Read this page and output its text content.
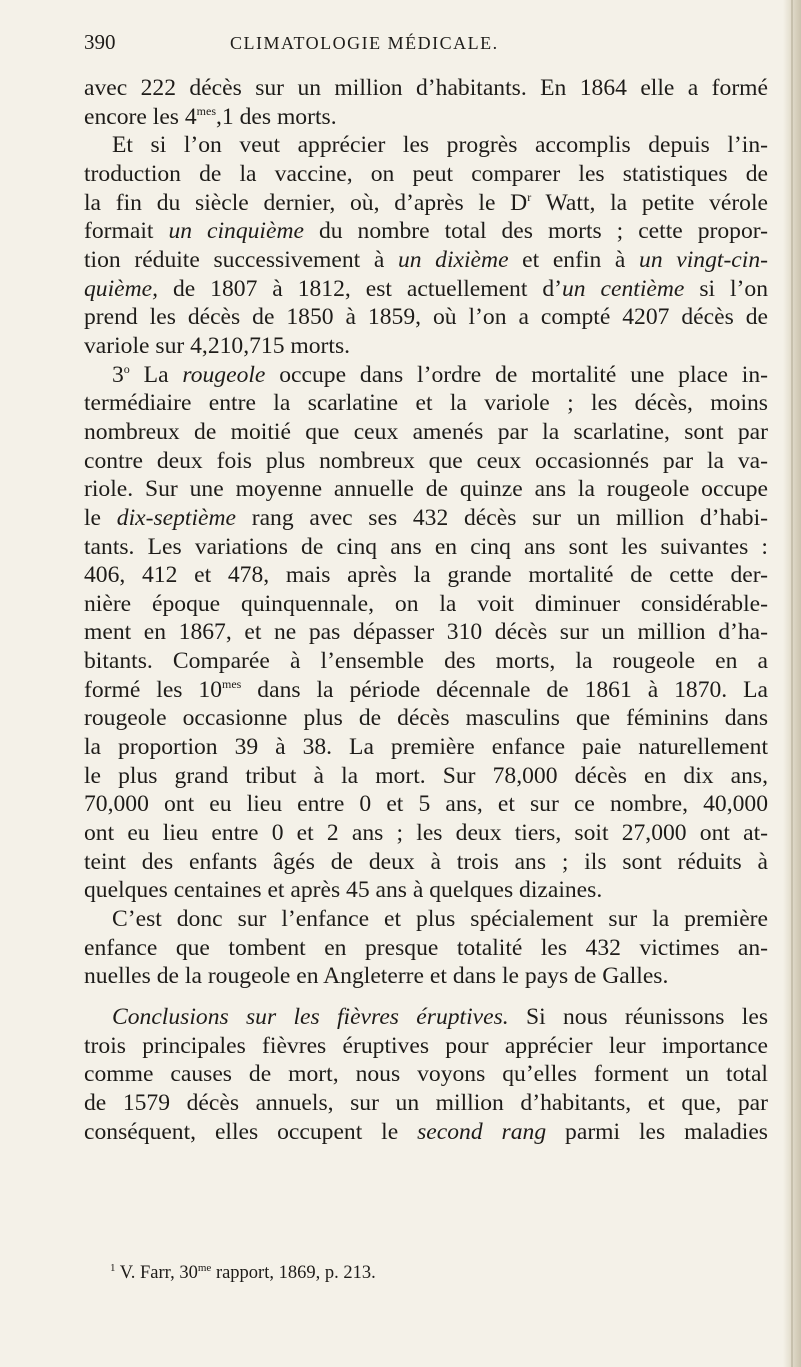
390	CLIMATOLOGIE MÉDICALE.
avec 222 décès sur un million d’habitants. En 1864 elle a formé
encore les $4^{mes},1$ des morts.
Et si l’on veut apprécier les progrès accomplis depuis l’in-
troduction de la vaccine, on peut comparer les statistiques de
la fin du siècle dernier, où, d’après le $D^r$ Watt, la petite vérole
formait un cinquième du nombre total des morts ; cette propor-
tion réduite successivement à un dixième et enfin à un vingt-cin-
quième, de 1807 à 1812, est actuellement d’un centième si l’on
prend les décès de 1850 à 1859, où l’on a compté 4207 décès de
variole sur 4,210,715 morts.
3$^o$ La rougeole occupe dans l’ordre de mortalité une place in-
termédiaire entre la scarlatine et la variole ; les décès, moins
nombreux de moitié que ceux amenés par la scarlatine, sont par
contre deux fois plus nombreux que ceux occasionnés par la va-
riole. Sur une moyenne annuelle de quinze ans la rougeole occupe
le dix-septième rang avec ses 432 décès sur un million d’habi-
tants. Les variations de cinq ans en cinq ans sont les suivantes :
406, 412 et 478, mais après la grande mortalité de cette der-
nière époque quinquennale, on la voit diminuer considérable-
ment en 1867, et ne pas dépasser 310 décès sur un million d’ha-
bitants. Comparée à l’ensemble des morts, la rougeole en a
formé les $10^{mes}$ dans la période décennale de 1861 à 1870. La
rougeole occasionne plus de décès masculins que féminins dans
la proportion 39 à 38. La première enfance paie naturellement
le plus grand tribut à la mort. Sur 78,000 décès en dix ans,
70,000 ont eu lieu entre 0 et 5 ans, et sur ce nombre, 40,000
ont eu lieu entre 0 et 2 ans ; les deux tiers, soit 27,000 ont at-
teint des enfants âgés de deux à trois ans ; ils sont réduits à
quelques centaines et après 45 ans à quelques dizaines.
C’est donc sur l’enfance et plus spécialement sur la première
enfance que tombent en presque totalité les 432 victimes an-
nuelles de la rougeole en Angleterre et dans le pays de Galles.
Conclusions sur les fièvres éruptives. Si nous réunissons les
trois principales fièvres éruptives pour apprécier leur importance
comme causes de mort, nous voyons qu’elles forment un total
de 1579 décès annuels, sur un million d’habitants, et que, par
conséquent, elles occupent le second rang parmi les maladies
$^1$ V. Farr, $30^{me}$ rapport, 1869, p. 213.
